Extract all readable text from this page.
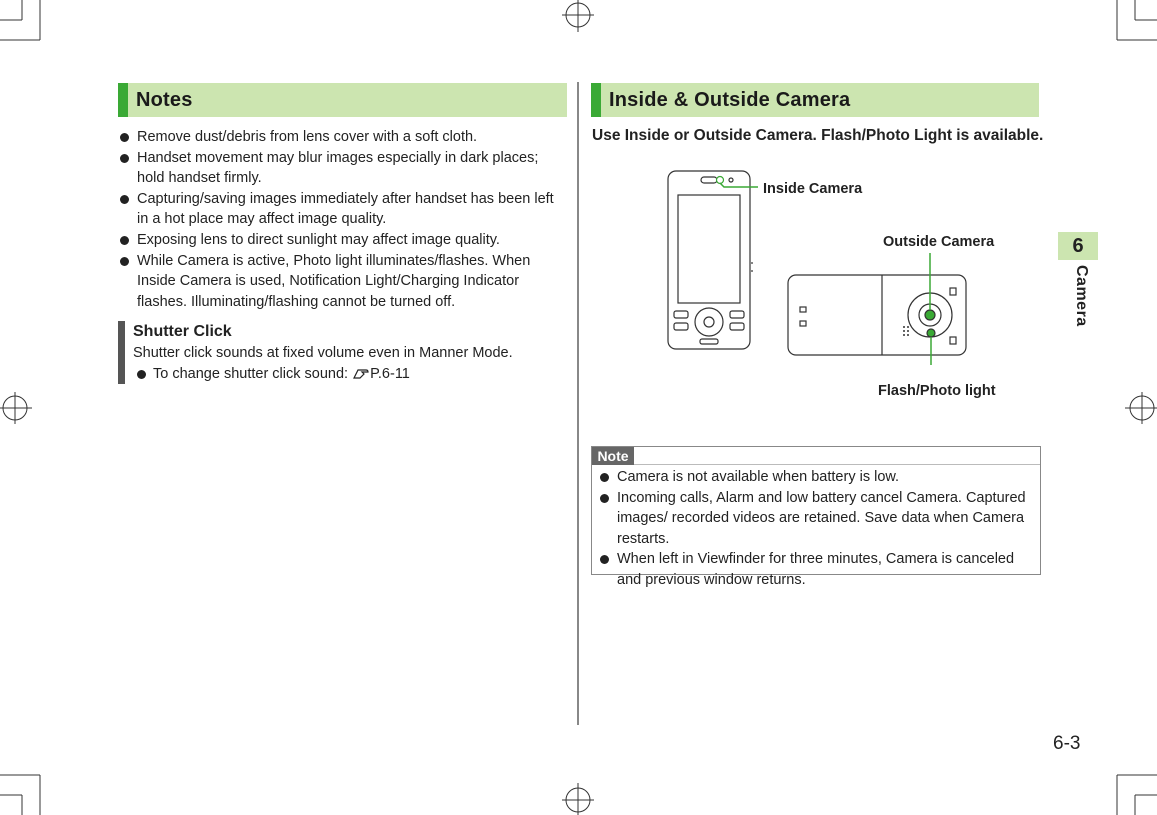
Notes
Remove dust/debris from lens cover with a soft cloth.
Handset movement may blur images especially in dark places; hold handset firmly.
Capturing/saving images immediately after handset has been left in a hot place may affect image quality.
Exposing lens to direct sunlight may affect image quality.
While Camera is active, Photo light illuminates/flashes. When Inside Camera is used, Notification Light/Charging Indicator flashes. Illuminating/flashing cannot be turned off.
Shutter Click
Shutter click sounds at fixed volume even in Manner Mode.
To change shutter click sound: P.6-11
Inside & Outside Camera
Use Inside or Outside Camera. Flash/Photo Light is available.
Inside Camera
Outside Camera
Flash/Photo light
Note
Camera is not available when battery is low.
Incoming calls, Alarm and low battery cancel Camera. Captured images/ recorded videos are retained. Save data when Camera restarts.
When left in Viewfinder for three minutes, Camera is canceled and previous window returns.
6
Camera
6-3
